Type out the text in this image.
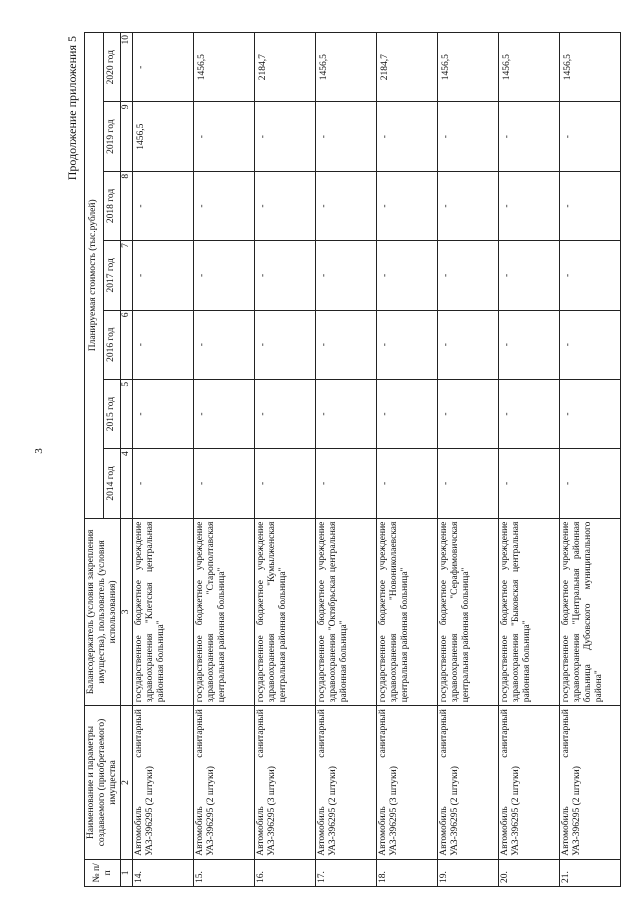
3
Продолжение приложения 5
№ п/п	Наименование и параметры создаваемого (приобретаемого) имущества	Балансодержатель (условия закрепления имущества), пользователь (условия использования)	Планируемая стоимость (тыс.рублей)						
			2014 год	2015 год	2016 год	2017 год	2018 год	2019 год	2020 год
1	2	3	4	5	6	7	8	9	10
14.	Автомобиль санитарный УАЗ-396295 (2 штуки)	государственное бюджетное учреждение здравоохранения "Клетская центральная районная больница"	-	-	-	-	-	1456,5	-
15.	Автомобиль санитарный УАЗ-396295 (2 штуки)	государственное бюджетное учреждение здравоохранения "Старополтавская центральная районная больница"	-	-	-	-	-	-	1456,5
16.	Автомобиль санитарный УАЗ-396295 (3 штуки)	государственное бюджетное учреждение здравоохранения "Кумылженская центральная районная больница"	-	-	-	-	-	-	2184,7
17.	Автомобиль санитарный УАЗ-396295 (2 штуки)	государственное бюджетное учреждение здравоохранения "Октябрьская центральная районная больница"	-	-	-	-	-	-	1456,5
18.	Автомобиль санитарный УАЗ-396295 (3 штуки)	государственное бюджетное учреждение здравоохранения "Новониколаевская центральная районная больница"	-	-	-	-	-	-	2184,7
19.	Автомобиль санитарный УАЗ-396295 (2 штуки)	государственное бюджетное учреждение здравоохранения "Серафимовичская центральная районная больница"	-	-	-	-	-	-	1456,5
20.	Автомобиль санитарный УАЗ-396295 (2 штуки)	государственное бюджетное учреждение здравоохранения "Быковская центральная районная больница"	-	-	-	-	-	-	1456,5
21.	Автомобиль санитарный УАЗ-396295 (2 штуки)	государственное бюджетное учреждение здравоохранения "Центральная районная больница Дубовского муниципального района"	-	-	-	-	-	-	1456,5
